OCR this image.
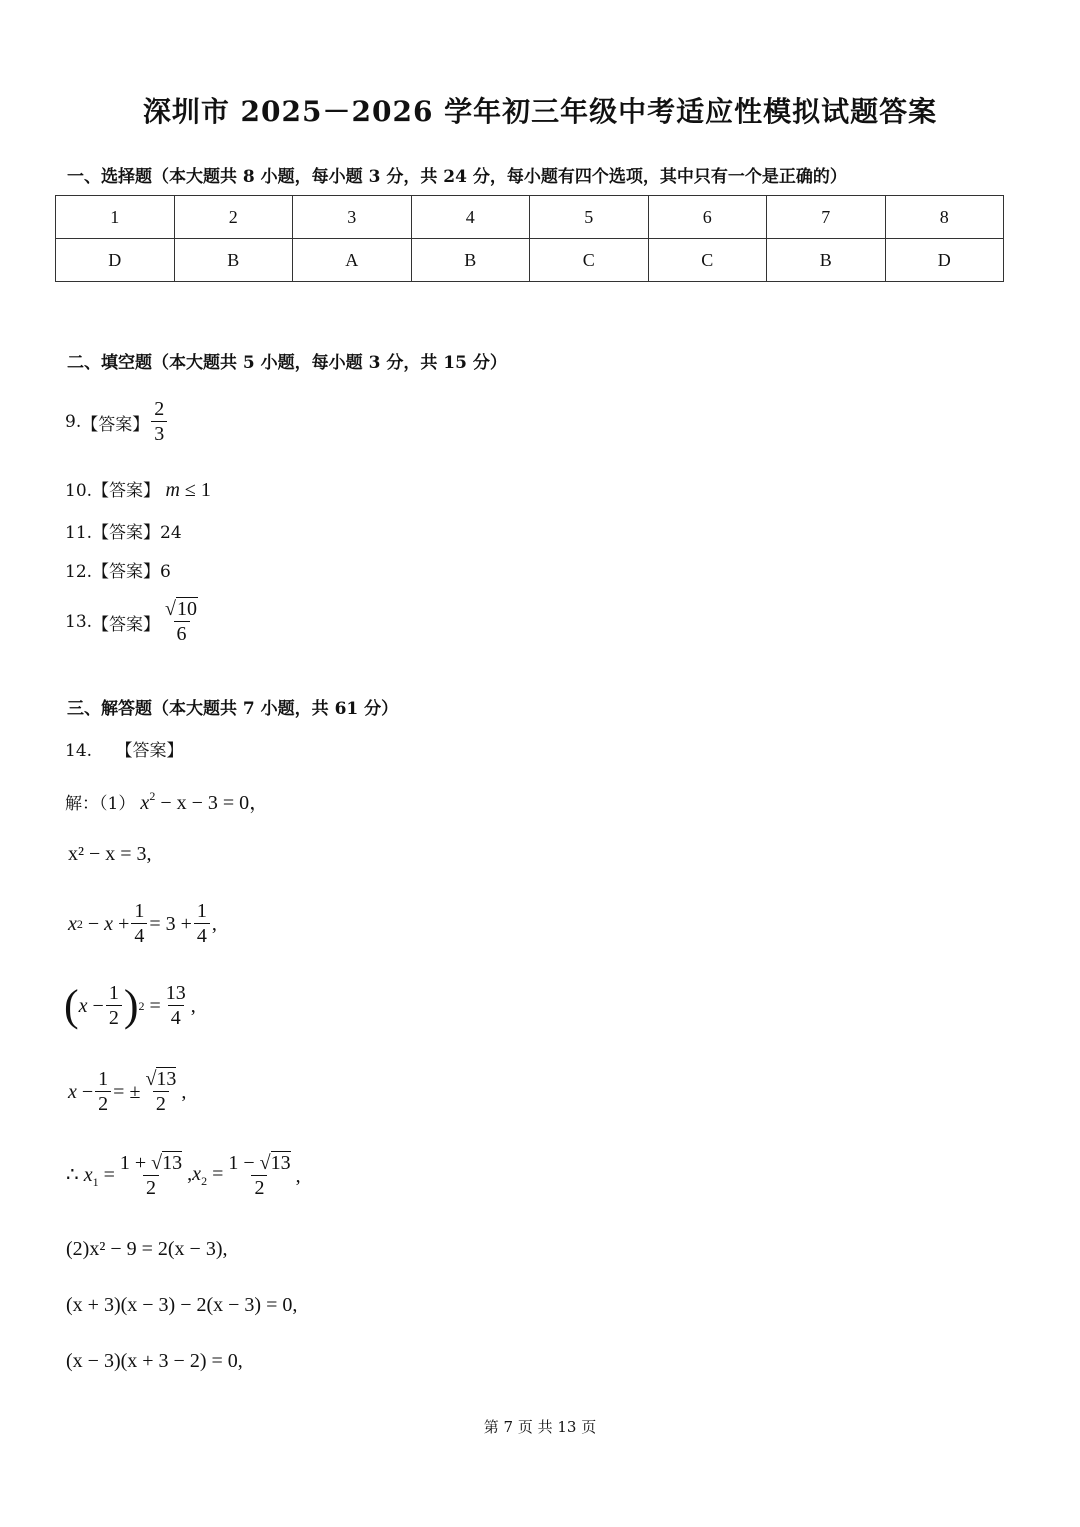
深圳市 2025－2026 学年初三年级中考适应性模拟试题答案
一、选择题（本大题共 8 小题，每小题 3 分，共 24 分，每小题有四个选项，其中只有一个是正确的）
1	2	3	4	5	6	7	8
D	B	A	B	C	C	B	D
二、填空题（本大题共 5 小题，每小题 3 分，共 15 分）
9. 【答案】 $\frac{2}{3}$
10.【答案】 m ≤ 1
11.【答案】24
12.【答案】6
13. 【答案】 $\frac{√10}{6}$
三、解答题（本大题共 7 小题，共 61 分）
14. 【答案】
解：（1） $x^2 - x - 3 = 0$，
x² − x = 3,
x $2 - x + \frac{1}{4} = 3 + \frac{1}{4}$ ,
( $x - \frac{1}{2}$ ) $2 = \frac{13}{4}$ ,
$x - \frac{1}{2}$ = ± $\frac{√13}{2}$ ,
∴ $x_1 = \frac{1 + √13}{2} ,x_2 = \frac{1 - √13}{2}$ ,
(2)x² − 9 = 2(x − 3),
(x + 3)(x − 3) − 2(x − 3) = 0,
(x − 3)(x + 3 − 2) = 0,
第 7 页 共 13 页
